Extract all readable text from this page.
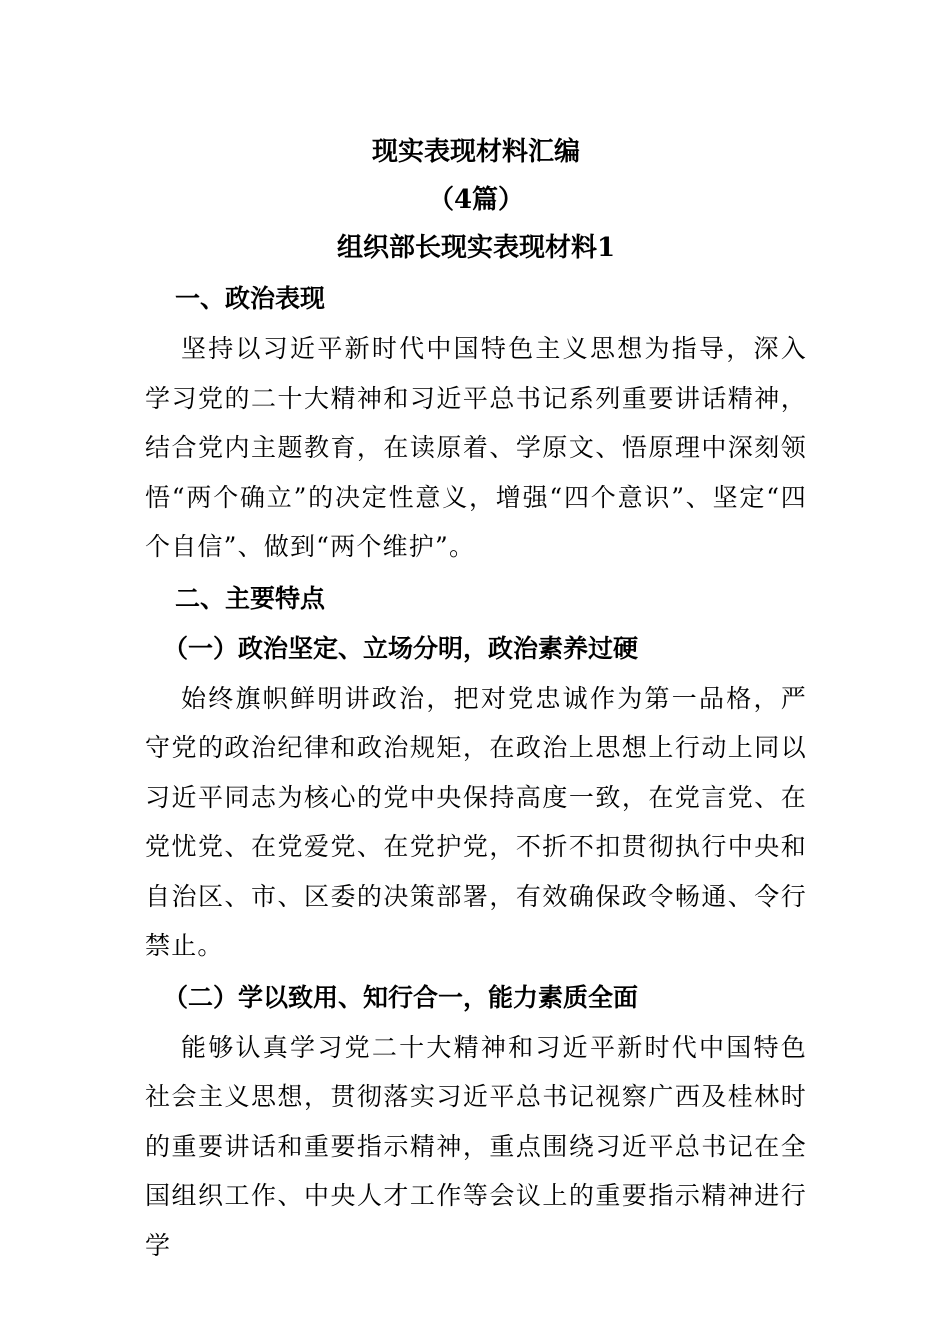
现实表现材料汇编

（4篇）

组织部长现实表现材料1

一、政治表现

坚持以习近平新时代中国特色主义思想为指导，深入学习党的二十大精神和习近平总书记系列重要讲话精神，结合党内主题教育，在读原着、学原文、悟原理中深刻领悟“两个确立”的决定性意义，增强“四个意识”、坚定“四个自信”、做到“两个维护”。

二、主要特点

（一）政治坚定、立场分明，政治素养过硬

始终旗帜鲜明讲政治，把对党忠诚作为第一品格，严守党的政治纪律和政治规矩，在政治上思想上行动上同以习近平同志为核心的党中央保持高度一致，在党言党、在党忧党、在党爱党、在党护党，不折不扣贯彻执行中央和自治区、市、区委的决策部署，有效确保政令畅通、令行禁止。

（二）学以致用、知行合一，能力素质全面

能够认真学习党二十大精神和习近平新时代中国特色社会主义思想，贯彻落实习近平总书记视察广西及桂林时的重要讲话和重要指示精神，重点围绕习近平总书记在全国组织工作、中央人才工作等会议上的重要指示精神进行学
